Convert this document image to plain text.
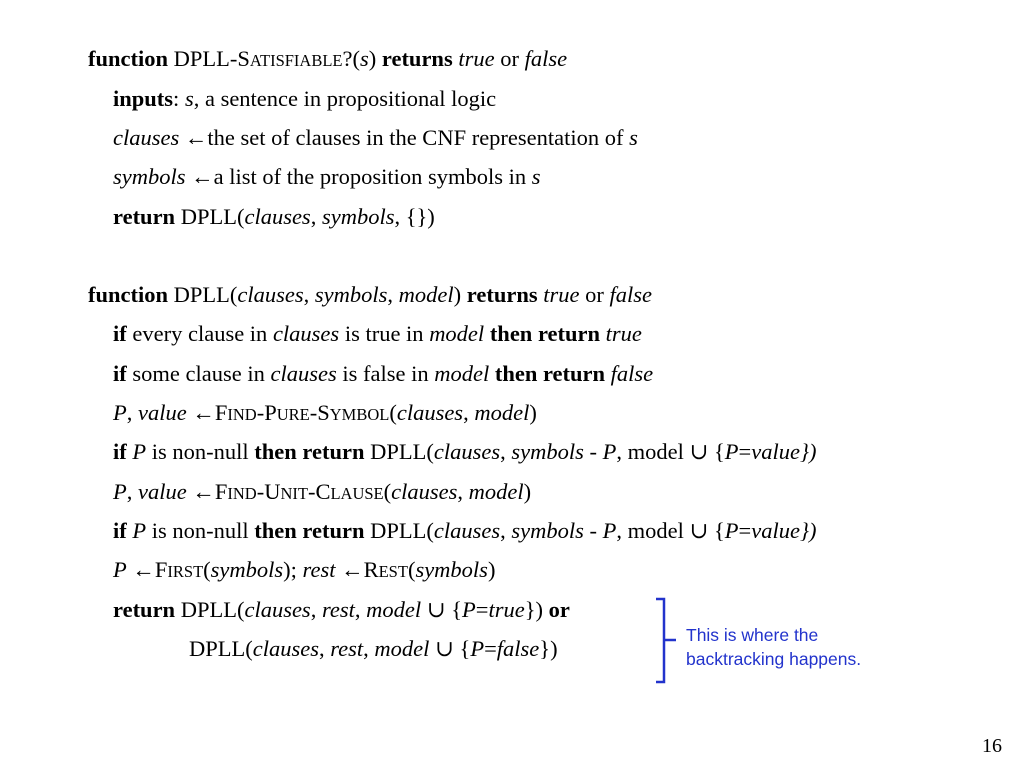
function DPLL-SATISFIABLE?(s) returns true or false
inputs: s, a sentence in propositional logic
clauses ←the set of clauses in the CNF representation of s
symbols ←a list of the proposition symbols in s
return DPLL(clauses, symbols, {})
function DPLL(clauses, symbols, model) returns true or false
if every clause in clauses is true in model then return true
if some clause in clauses is false in model then return false
P, value ←FIND-PURE-SYMBOL(clauses, model)
if P is non-null then return DPLL(clauses, symbols - P, model ∪ {P=value})
P, value ←FIND-UNIT-CLAUSE(clauses, model)
if P is non-null then return DPLL(clauses, symbols - P, model ∪ {P=value})
P ←FIRST(symbols); rest ←REST(symbols)
return DPLL(clauses, rest, model ∪ {P=true}) or
DPLL(clauses, rest, model ∪ {P=false})
This is where the
backtracking happens.
16
